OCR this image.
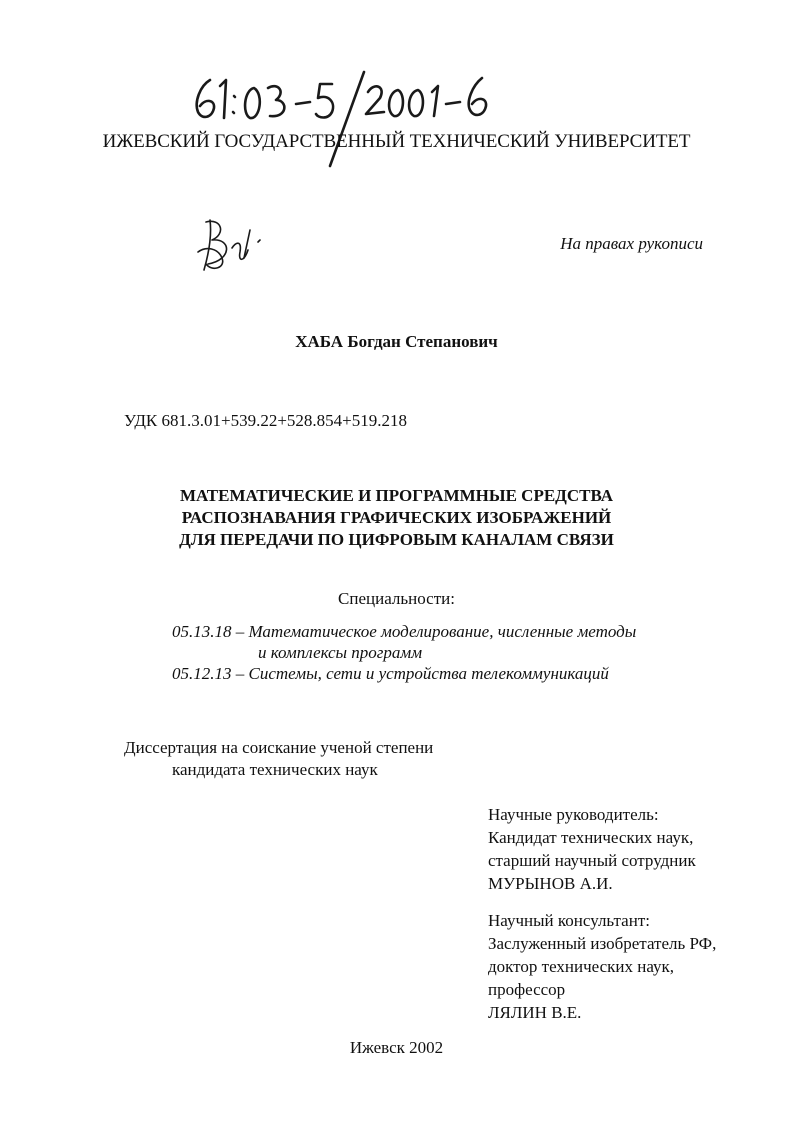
ИЖЕВСКИЙ ГОСУДАРСТВЕННЫЙ ТЕХНИЧЕСКИЙ УНИВЕРСИТЕТ
На правах рукописи
ХАБА Богдан Степанович
УДК 681.3.01+539.22+528.854+519.218
МАТЕМАТИЧЕСКИЕ И ПРОГРАММНЫЕ СРЕДСТВА
РАСПОЗНАВАНИЯ ГРАФИЧЕСКИХ ИЗОБРАЖЕНИЙ
ДЛЯ ПЕРЕДАЧИ ПО ЦИФРОВЫМ КАНАЛАМ СВЯЗИ
Специальности:
05.13.18 – Математическое моделирование, численные методы
и комплексы программ
05.12.13 – Системы, сети и устройства телекоммуникаций
Диссертация на соискание ученой степени
кандидата технических наук
Научные руководитель:
Кандидат технических наук,
старший научный сотрудник
МУРЫНОВ А.И.
Научный консультант:
Заслуженный изобретатель РФ,
доктор технических наук,
профессор
ЛЯЛИН В.Е.
Ижевск 2002
